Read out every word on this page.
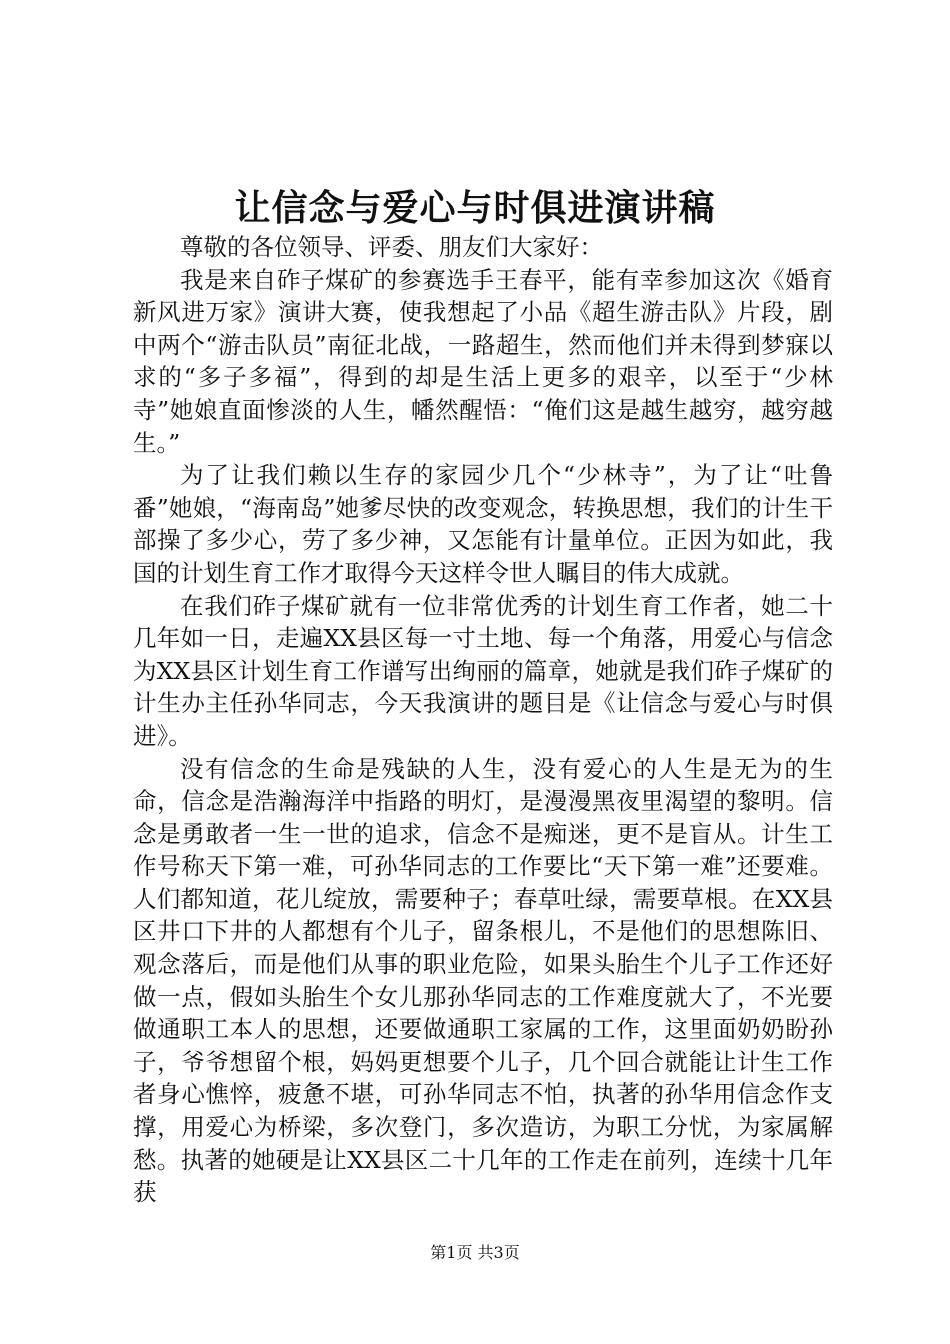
让信念与爱心与时俱进演讲稿

尊敬的各位领导、评委、朋友们大家好：

我是来自砟子煤矿的参赛选手王春平，能有幸参加这次《婚育新风进万家》演讲大赛，使我想起了小品《超生游击队》片段，剧中两个“游击队员”南征北战，一路超生，然而他们并未得到梦寐以求的“多子多福”，得到的却是生活上更多的艰辛，以至于“少林寺”她娘直面惨淡的人生，幡然醒悟：“俺们这是越生越穷，越穷越生。”

为了让我们赖以生存的家园少几个“少林寺”，为了让“吐鲁番”她娘，“海南岛”她爹尽快的改变观念，转换思想，我们的计生干部操了多少心，劳了多少神，又怎能有计量单位。正因为如此，我国的计划生育工作才取得今天这样令世人瞩目的伟大成就。

在我们砟子煤矿就有一位非常优秀的计划生育工作者，她二十几年如一日，走遍XX县区每一寸土地、每一个角落，用爱心与信念为XX县区计划生育工作谱写出绚丽的篇章，她就是我们砟子煤矿的计生办主任孙华同志，今天我演讲的题目是《让信念与爱心与时俱进》。

没有信念的生命是残缺的人生，没有爱心的人生是无为的生命，信念是浩瀚海洋中指路的明灯，是漫漫黑夜里渴望的黎明。信念是勇敢者一生一世的追求，信念不是痴迷，更不是盲从。计生工作号称天下第一难，可孙华同志的工作要比“天下第一难”还要难。人们都知道，花儿绽放，需要种子；春草吐绿，需要草根。在XX县区井口下井的人都想有个儿子，留条根儿，不是他们的思想陈旧、观念落后，而是他们从事的职业危险，如果头胎生个儿子工作还好做一点，假如头胎生个女儿那孙华同志的工作难度就大了，不光要做通职工本人的思想，还要做通职工家属的工作，这里面奶奶盼孙子，爷爷想留个根，妈妈更想要个儿子，几个回合就能让计生工作者身心憔悴，疲惫不堪，可孙华同志不怕，执著的孙华用信念作支撑，用爱心为桥梁，多次登门，多次造访，为职工分忧，为家属解愁。执著的她硬是让XX县区二十几年的工作走在前列，连续十几年获

第1页 共3页
